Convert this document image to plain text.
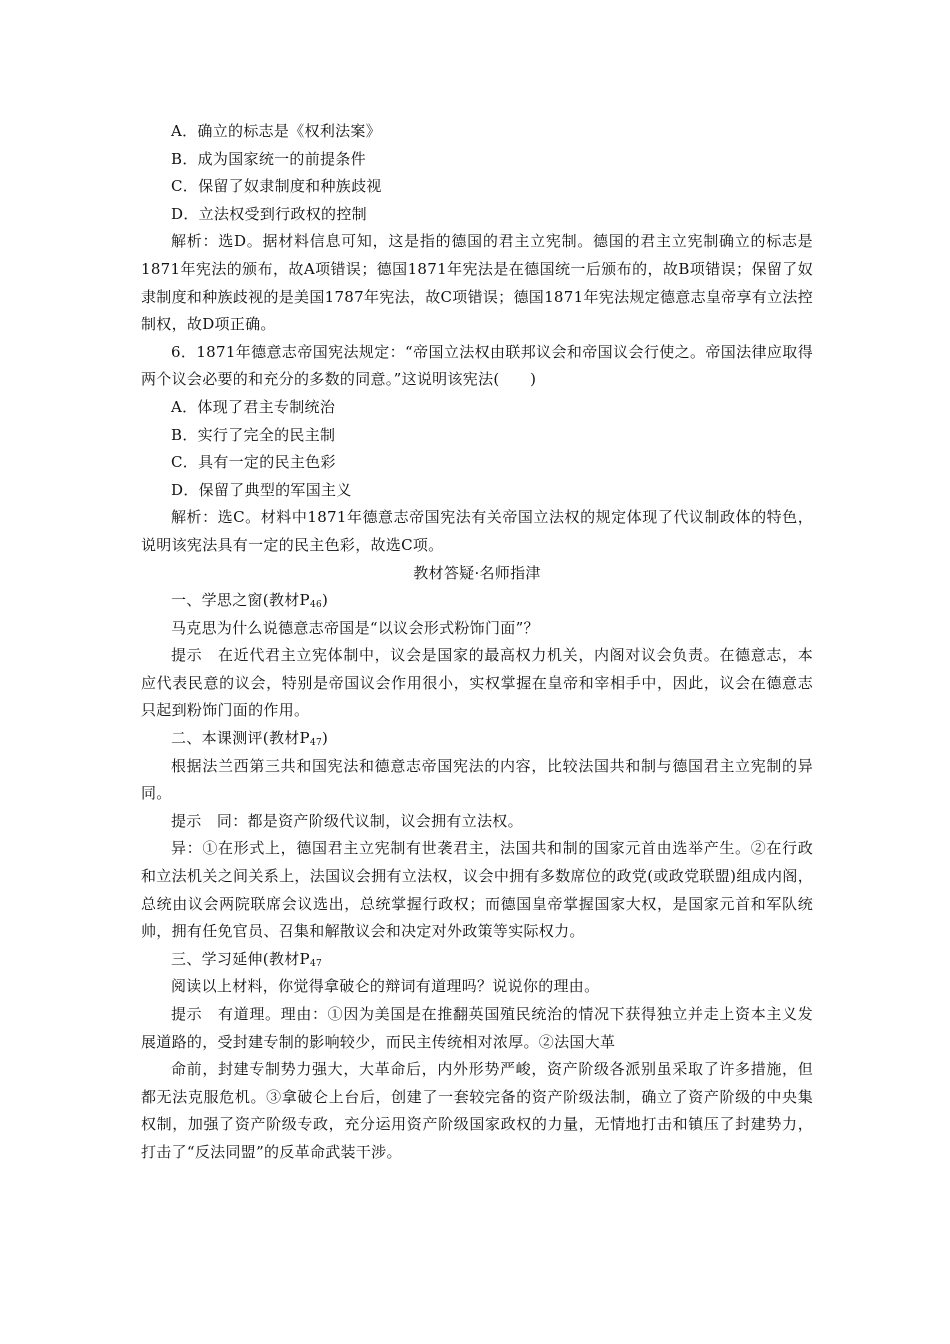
A．确立的标志是《权利法案》

B．成为国家统一的前提条件

C．保留了奴隶制度和种族歧视

D．立法权受到行政权的控制

解析：选D。据材料信息可知，这是指的德国的君主立宪制。德国的君主立宪制确立的标志是1871年宪法的颁布，故A项错误；德国1871年宪法是在德国统一后颁布的，故B项错误；保留了奴隶制度和种族歧视的是美国1787年宪法，故C项错误；德国1871年宪法规定德意志皇帝享有立法控制权，故D项正确。

6．1871年德意志帝国宪法规定：“帝国立法权由联邦议会和帝国议会行使之。帝国法律应取得两个议会必要的和充分的多数的同意。”这说明该宪法(　　)

A．体现了君主专制统治

B．实行了完全的民主制

C．具有一定的民主色彩

D．保留了典型的军国主义

解析：选C。材料中1871年德意志帝国宪法有关帝国立法权的规定体现了代议制政体的特色，说明该宪法具有一定的民主色彩，故选C项。

教材答疑·名师指津

一、学思之窗(教材$P_{46}$)

马克思为什么说德意志帝国是“以议会形式粉饰门面”？

提示　在近代君主立宪体制中，议会是国家的最高权力机关，内阁对议会负责。在德意志，本应代表民意的议会，特别是帝国议会作用很小，实权掌握在皇帝和宰相手中，因此，议会在德意志只起到粉饰门面的作用。

二、本课测评(教材$P_{47}$)

根据法兰西第三共和国宪法和德意志帝国宪法的内容，比较法国共和制与德国君主立宪制的异同。

提示　同：都是资产阶级代议制，议会拥有立法权。

异：①在形式上，德国君主立宪制有世袭君主，法国共和制的国家元首由选举产生。②在行政和立法机关之间关系上，法国议会拥有立法权，议会中拥有多数席位的政党(或政党联盟)组成内阁，总统由议会两院联席会议选出，总统掌握行政权；而德国皇帝掌握国家大权，是国家元首和军队统帅，拥有任免官员、召集和解散议会和决定对外政策等实际权力。

三、学习延伸(教材$P_{47}$

阅读以上材料，你觉得拿破仑的辩词有道理吗？说说你的理由。

提示　有道理。理由：①因为美国是在推翻英国殖民统治的情况下获得独立并走上资本主义发展道路的，受封建专制的影响较少，而民主传统相对浓厚。②法国大革

命前，封建专制势力强大，大革命后，内外形势严峻，资产阶级各派别虽采取了许多措施，但都无法克服危机。③拿破仑上台后，创建了一套较完备的资产阶级法制，确立了资产阶级的中央集权制，加强了资产阶级专政，充分运用资产阶级国家政权的力量，无情地打击和镇压了封建势力，打击了“反法同盟”的反革命武装干涉。
